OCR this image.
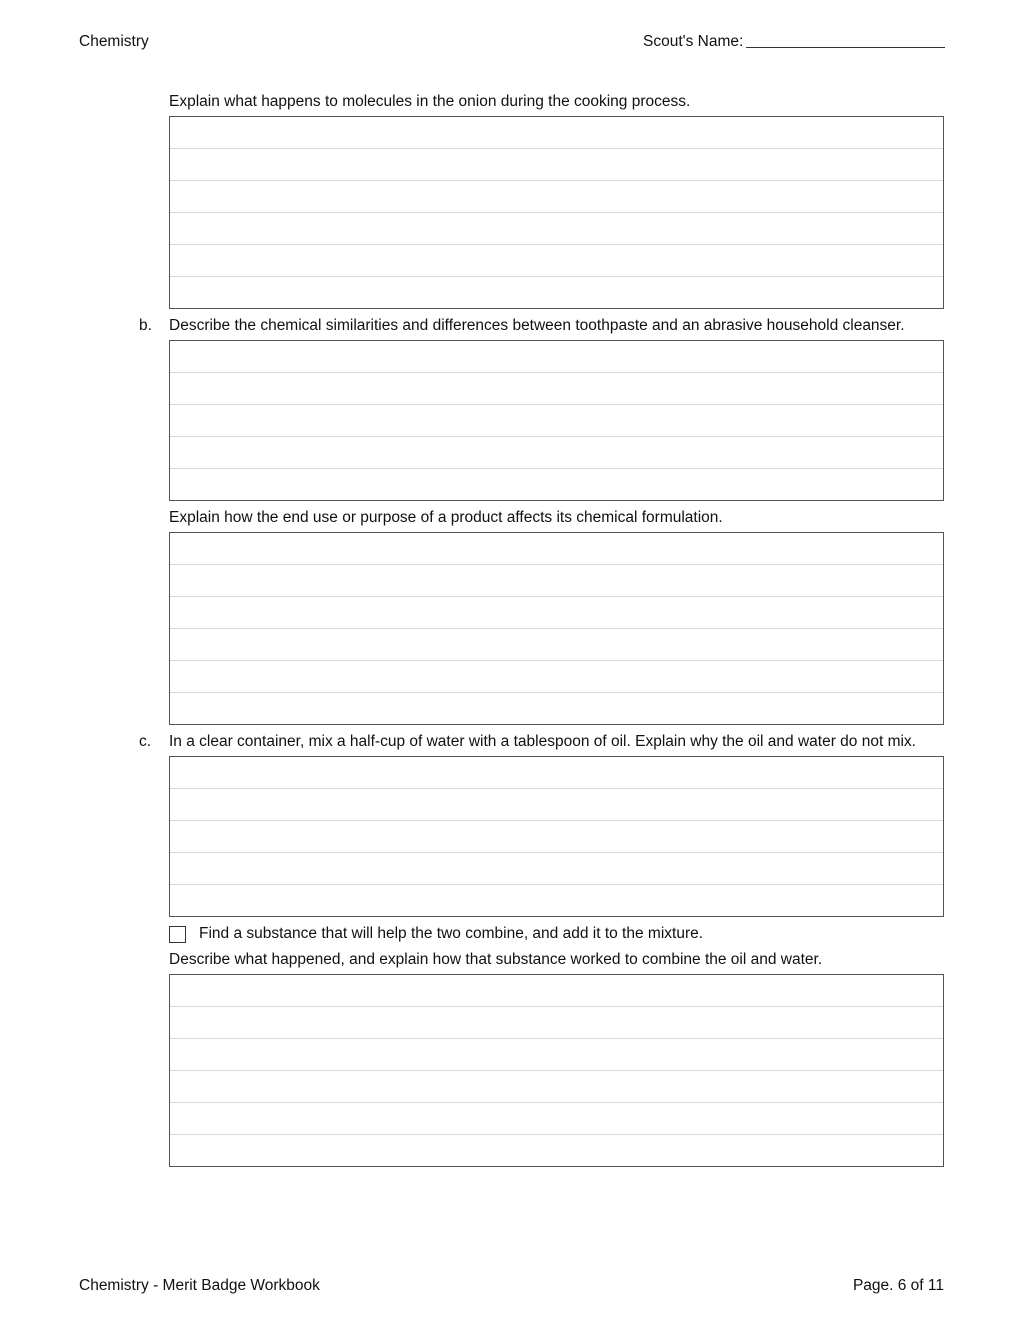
Chemistry	Scout's Name:
Explain what happens to molecules in the onion during the cooking process.
b. Describe the chemical similarities and differences between toothpaste and an abrasive household cleanser.
Explain how the end use or purpose of a product affects its chemical formulation.
c. In a clear container, mix a half-cup of water with a tablespoon of oil. Explain why the oil and water do not mix.
Find a substance that will help the two combine, and add it to the mixture.
Describe what happened, and explain how that substance worked to combine the oil and water.
Chemistry - Merit Badge Workbook	Page. 6 of 11
